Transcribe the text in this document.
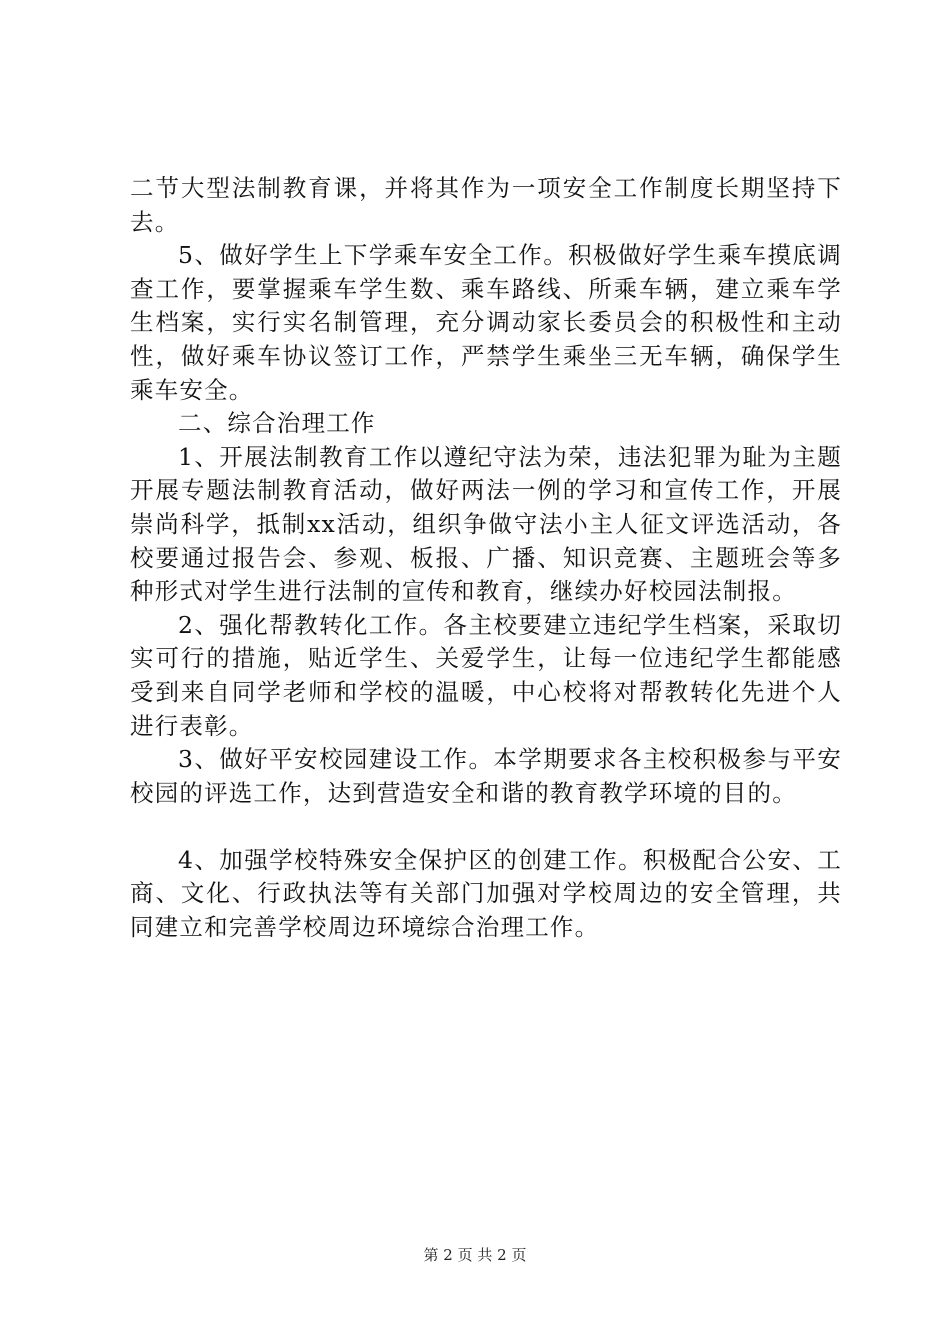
二节大型法制教育课，并将其作为一项安全工作制度长期坚持下去。

5、做好学生上下学乘车安全工作。积极做好学生乘车摸底调查工作，要掌握乘车学生数、乘车路线、所乘车辆，建立乘车学生档案，实行实名制管理，充分调动家长委员会的积极性和主动性，做好乘车协议签订工作，严禁学生乘坐三无车辆，确保学生乘车安全。

二、综合治理工作

1、开展法制教育工作以遵纪守法为荣，违法犯罪为耻为主题开展专题法制教育活动，做好两法一例的学习和宣传工作，开展崇尚科学，抵制xx活动，组织争做守法小主人征文评选活动，各校要通过报告会、参观、板报、广播、知识竞赛、主题班会等多种形式对学生进行法制的宣传和教育，继续办好校园法制报。

2、强化帮教转化工作。各主校要建立违纪学生档案，采取切实可行的措施，贴近学生、关爱学生，让每一位违纪学生都能感受到来自同学老师和学校的温暖，中心校将对帮教转化先进个人进行表彰。

3、做好平安校园建设工作。本学期要求各主校积极参与平安校园的评选工作，达到营造安全和谐的教育教学环境的目的。

4、加强学校特殊安全保护区的创建工作。积极配合公安、工商、文化、行政执法等有关部门加强对学校周边的安全管理，共同建立和完善学校周边环境综合治理工作。

第 2 页 共 2 页
